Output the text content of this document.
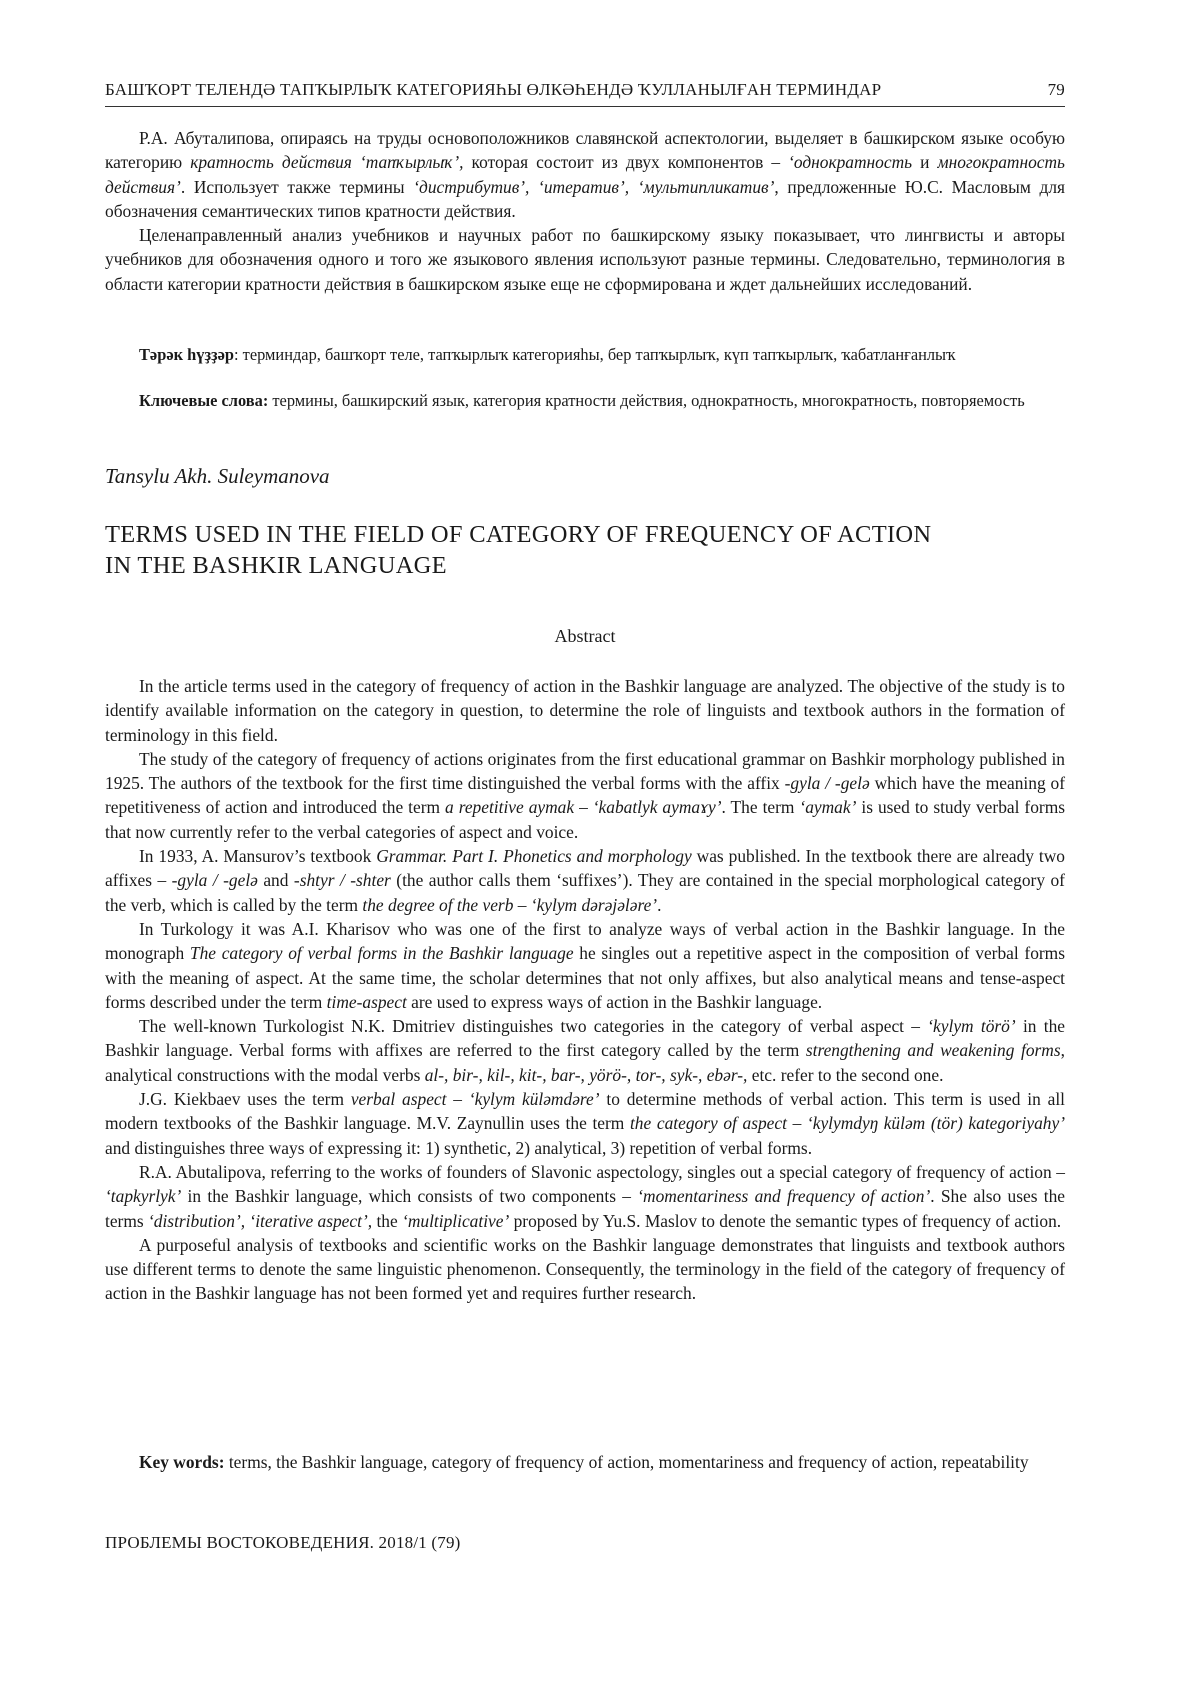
БАШҠОРТ ТЕЛЕНДӘ ТАПҠЫРЛЫҠ КАТЕГОРИЯҺЫ ӨЛКӘҺЕНДӘ ҠУЛЛАНЫЛҒАН ТЕРМИНДАР	79

Р.А. Абуталипова, опираясь на труды основоположников славянской аспектологии, выделяет в башкирском языке особую категорию кратность действия ‘тапҡырлыҡ’, которая состоит из двух компонентов – ‘однократность и многократность действия’. Использует также термины ‘дистрибутив’, ‘итератив’, ‘мультипликатив’, предложенные Ю.С. Масловым для обозначения семантических типов кратности действия.

Целенаправленный анализ учебников и научных работ по башкирскому языку показывает, что лингвисты и авторы учебников для обозначения одного и того же языкового явления используют разные термины. Следовательно, терминология в области категории кратности действия в башкирском языке еще не сформирована и ждет дальнейших исследований.

Тәрәк һүҙҙәр: терминдар, башҡорт теле, тапҡырлыҡ категорияһы, бер тапҡырлыҡ, күп тапҡырлыҡ, ҡабатланғанлыҡ

Ключевые слова: термины, башкирский язык, категория кратности действия, однократность, многократность, повторяемость

Tansylu Akh. Suleymanova
TERMS USED IN THE FIELD OF CATEGORY OF FREQUENCY OF ACTION
IN THE BASHKIR LANGUAGE
Abstract

In the article terms used in the category of frequency of action in the Bashkir language are analyzed. The objective of the study is to identify available information on the category in question, to determine the role of linguists and textbook authors in the formation of terminology in this field.

The study of the category of frequency of actions originates from the first educational grammar on Bashkir morphology published in 1925. The authors of the textbook for the first time distinguished the verbal forms with the affix -gyla / -gelə which have the meaning of repetitiveness of action and introduced the term a repetitive aymak – ‘kabatlyk aymaɤy’. The term ‘aymak’ is used to study verbal forms that now currently refer to the verbal categories of aspect and voice.

In 1933, A. Mansurov’s textbook Grammar. Part I. Phonetics and morphology was published. In the textbook there are already two affixes – -gyla / -gelə and -shtyr / -shter (the author calls them ‘suffixes’). They are contained in the special morphological category of the verb, which is called by the term the degree of the verb – ‘kylym dərəjələre’.

In Turkology it was A.I. Kharisov who was one of the first to analyze ways of verbal action in the Bashkir language. In the monograph The category of verbal forms in the Bashkir language he singles out a repetitive aspect in the composition of verbal forms with the meaning of aspect. At the same time, the scholar determines that not only affixes, but also analytical means and tense-aspect forms described under the term time-aspect are used to express ways of action in the Bashkir language.

The well-known Turkologist N.K. Dmitriev distinguishes two categories in the category of verbal aspect – ‘kylym törö’ in the Bashkir language. Verbal forms with affixes are referred to the first category called by the term strengthening and weakening forms, analytical constructions with the modal verbs al-, bir-, kil-, kit-, bar-, yörö-, tor-, syk-, ebər-, etc. refer to the second one.

J.G. Kiekbaev uses the term verbal aspect – ‘kylym küləmdəre’ to determine methods of verbal action. This term is used in all modern textbooks of the Bashkir language. M.V. Zaynullin uses the term the category of aspect – ‘kylymdyŋ küləm (tör) kategoriyahy’ and distinguishes three ways of expressing it: 1) synthetic, 2) analytical, 3) repetition of verbal forms.

R.A. Abutalipova, referring to the works of founders of Slavonic aspectology, singles out a special category of frequency of action – ‘tapkyrlyk’ in the Bashkir language, which consists of two components – ‘momentariness and frequency of action’. She also uses the terms ‘distribution’, ‘iterative aspect’, the ‘multiplicative’ proposed by Yu.S. Maslov to denote the semantic types of frequency of action.

A purposeful analysis of textbooks and scientific works on the Bashkir language demonstrates that linguists and textbook authors use different terms to denote the same linguistic phenomenon. Consequently, the terminology in the field of the category of frequency of action in the Bashkir language has not been formed yet and requires further research.

Key words: terms, the Bashkir language, category of frequency of action, momentariness and frequency of action, repeatability

ПРОБЛЕМЫ ВОСТОКОВЕДЕНИЯ. 2018/1 (79)
